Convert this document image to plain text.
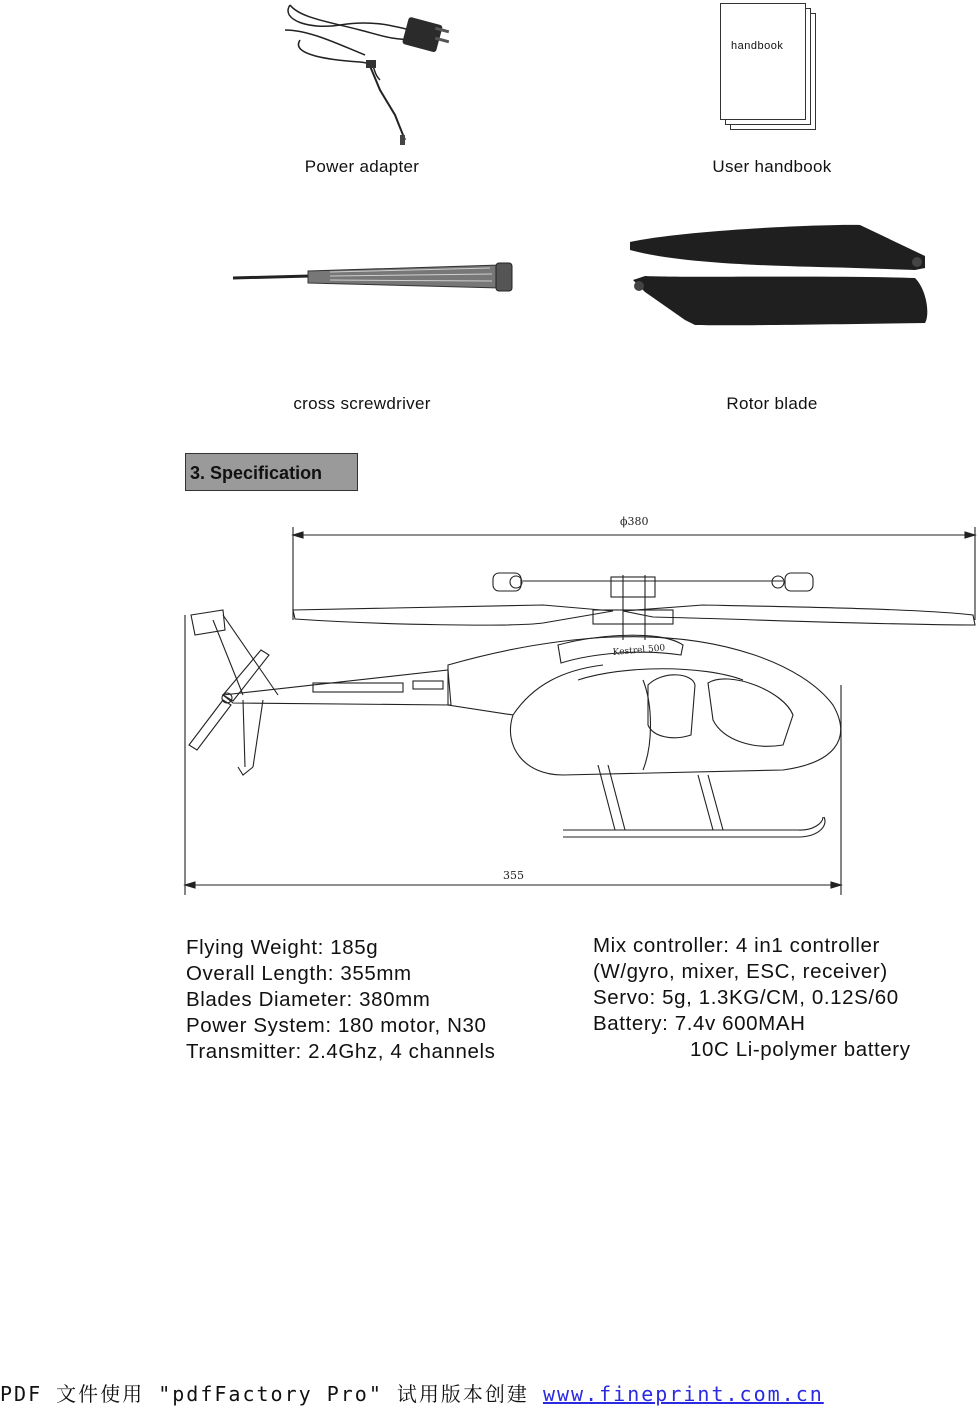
handbook
Power adapter	User handbook
cross screwdriver	Rotor blade
3. Specification
ϕ380
355
Kestrel 500
Flying Weight: 185g
Overall Length: 355mm
Blades Diameter: 380mm
Power System: 180 motor, N30
Transmitter: 2.4Ghz, 4 channels
Mix controller: 4 in1 controller
(W/gyro, mixer, ESC, receiver)
Servo: 5g, 1.3KG/CM, 0.12S/60
Battery: 7.4v 600MAH
10C Li-polymer battery
PDF 文件使用 "pdfFactory Pro" 试用版本创建 www.fineprint.com.cn
